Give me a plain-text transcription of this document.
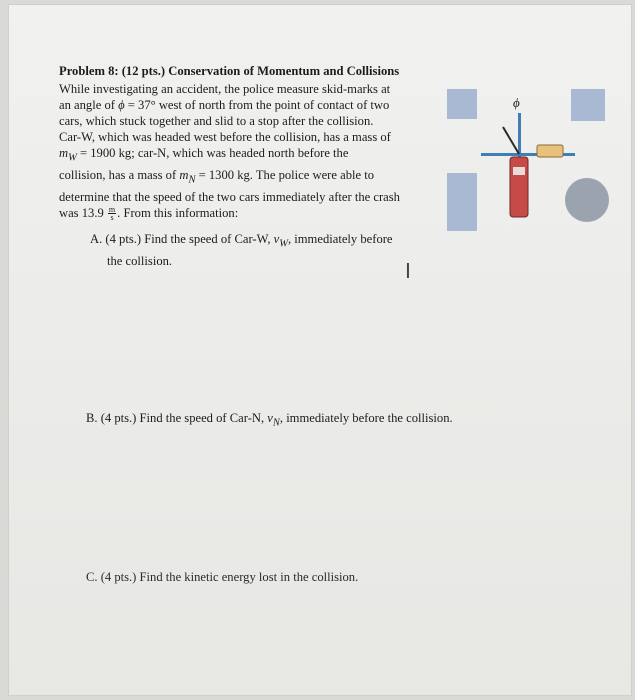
Problem 8: (12 pts.) Conservation of Momentum and Collisions
While investigating an accident, the police measure skid-marks at
an angle of ϕ = 37° west of north from the point of contact of two
cars, which stuck together and slid to a stop after the collision.
Car-W, which was headed west before the collision, has a mass of
$m_W = 1900$ kg; car-N, which was headed north before the
collision, has a mass of $m_N = 1300$ kg. The police were able to
determine that the speed of the two cars immediately after the crash
was $13.9 \frac{m}{s}$ . From this information:
ϕ
A. (4 pts.) Find the speed of Car-W, $v_W$, immediately before
the collision.	I
B. (4 pts.) Find the speed of Car-N, $v_N$, immediately before the collision.
C. (4 pts.) Find the kinetic energy lost in the collision.
